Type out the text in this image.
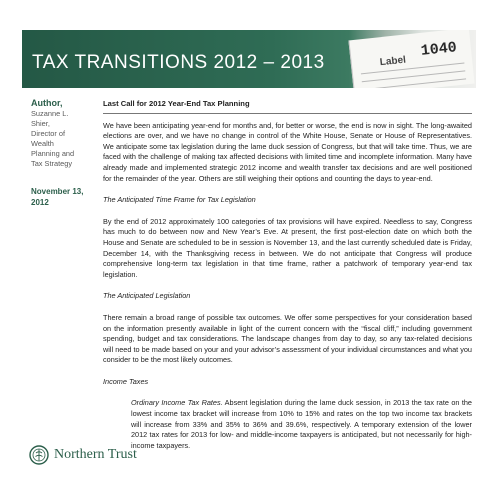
TAX TRANSITIONS 2012 – 2013
1040
Label

Author,

Suzanne L.

Shier,

Director of

Wealth

Planning and

Tax Strategy

November 13,
2012

Last Call for 2012 Year-End Tax Planning

We have been anticipating year-end for months and, for better or worse, the end is now in sight. The long-awaited elections are over, and we have no change in control of the White House, Senate or House of Representatives. We anticipate some tax legislation during the lame duck session of Congress, but that will take time. Thus, we are faced with the challenge of making tax affected decisions with limited time and incomplete information. Many have already made and implemented strategic 2012 income and wealth transfer tax decisions and are well positioned for the remainder of the year. Others are still weighing their options and counting the days to year-end.

The Anticipated Time Frame for Tax Legislation

By the end of 2012 approximately 100 categories of tax provisions will have expired. Needless to say, Congress has much to do between now and New Year’s Eve. At present, the first post-election date on which both the House and Senate are scheduled to be in session is November 13, and the last currently scheduled date is Friday, December 14, with the Thanksgiving recess in between. We do not anticipate that Congress will produce comprehensive long-term tax legislation in that time frame, rather a patchwork of temporary year-end tax legislation.

The Anticipated Legislation

There remain a broad range of possible tax outcomes. We offer some perspectives for your consideration based on the information presently available in light of the current concern with the “fiscal cliff,” including government spending, budget and tax considerations. The landscape changes from day to day, so any tax-related decisions will need to be made based on your and your advisor’s assessment of your individual circumstances and what you consider to be the most likely outcomes.

Income Taxes

Ordinary Income Tax Rates. Absent legislation during the lame duck session, in 2013 the tax rate on the lowest income tax bracket will increase from 10% to 15% and rates on the top two income tax brackets will increase from 33% and 35% to 36% and 39.6%, respectively. A temporary extension of the lower 2012 tax rates for 2013 for low- and middle-income taxpayers is anticipated, but not necessarily for high-income taxpayers.

Northern Trust
